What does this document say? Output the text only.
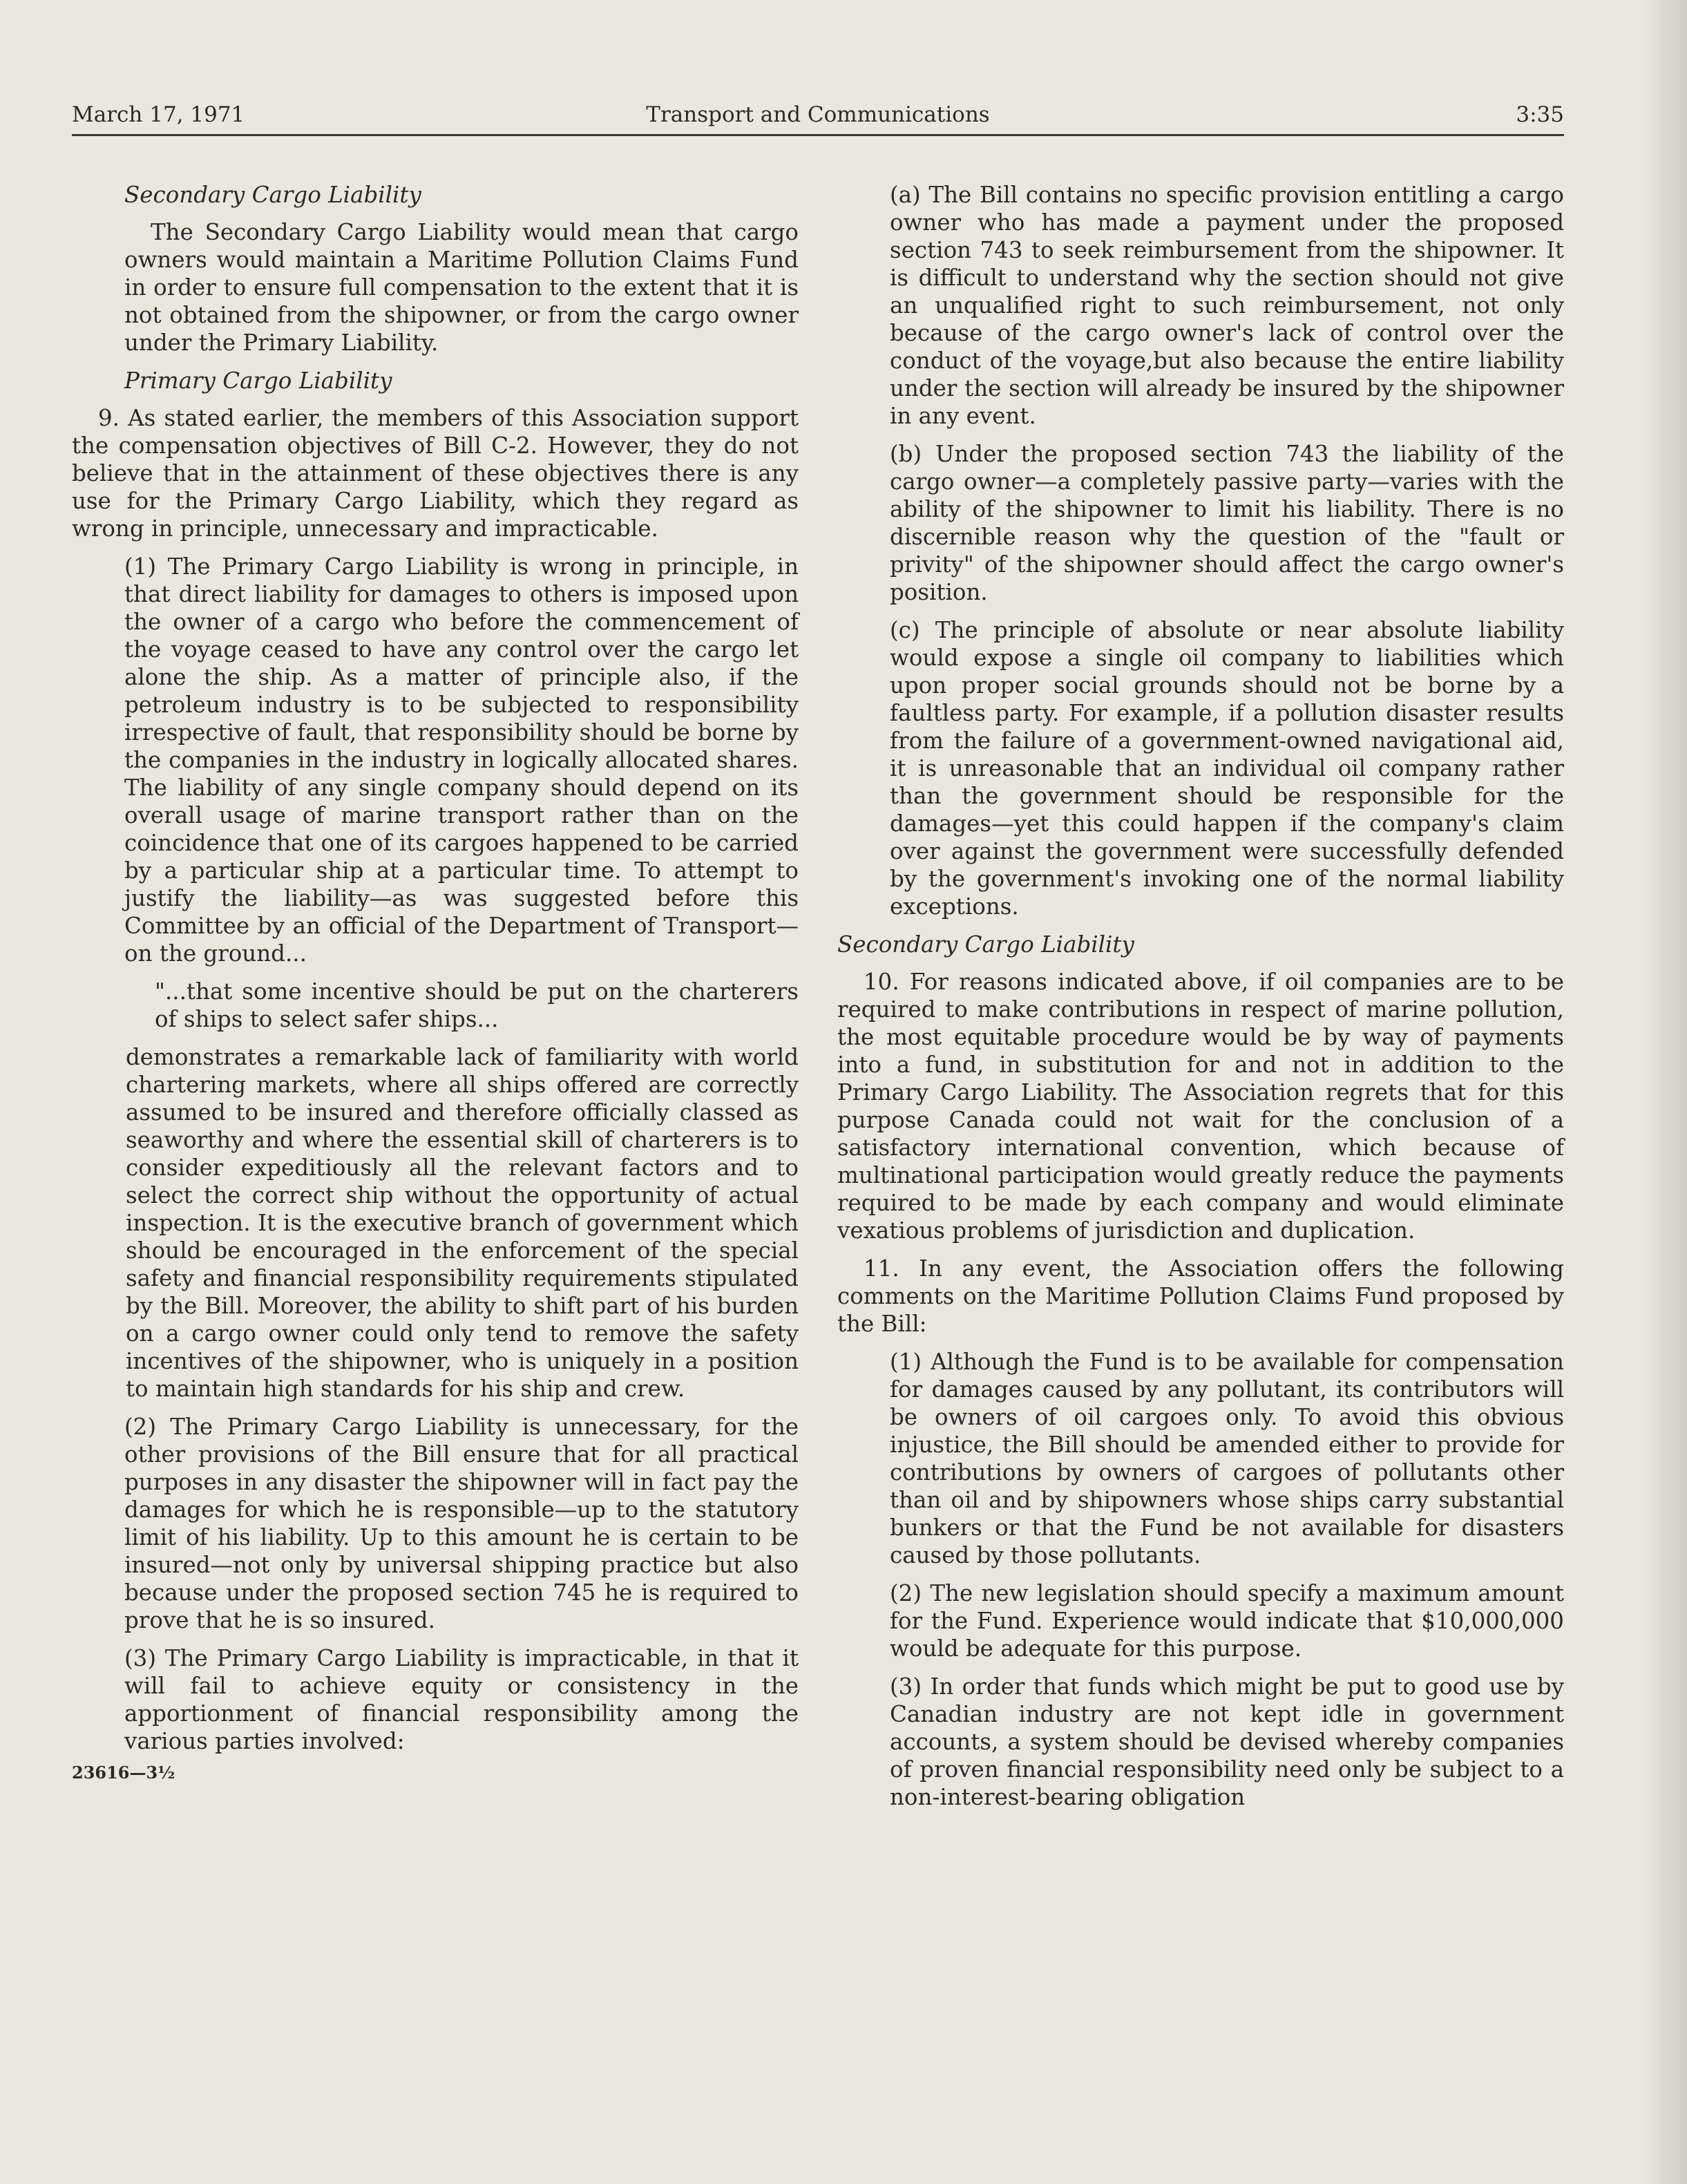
March 17, 1971	Transport and Communications	3:35
Secondary Cargo Liability

The Secondary Cargo Liability would mean that cargo owners would maintain a Maritime Pollution Claims Fund in order to ensure full compensation to the extent that it is not obtained from the shipowner, or from the cargo owner under the Primary Liability.

Primary Cargo Liability

9. As stated earlier, the members of this Association support the compensation objectives of Bill C-2. However, they do not believe that in the attainment of these objectives there is any use for the Primary Cargo Liability, which they regard as wrong in principle, unnecessary and impracticable.

(1) The Primary Cargo Liability is wrong in principle, in that direct liability for damages to others is imposed upon the owner of a cargo who before the commencement of the voyage ceased to have any control over the cargo let alone the ship. As a matter of principle also, if the petroleum industry is to be subjected to responsibility irrespective of fault, that responsibility should be borne by the companies in the industry in logically allocated shares. The liability of any single company should depend on its overall usage of marine transport rather than on the coincidence that one of its cargoes happened to be carried by a particular ship at a particular time. To attempt to justify the liability—as was suggested before this Committee by an official of the Department of Transport—on the ground...

"...that some incentive should be put on the charterers of ships to select safer ships...

demonstrates a remarkable lack of familiarity with world chartering markets, where all ships offered are correctly assumed to be insured and therefore officially classed as seaworthy and where the essential skill of charterers is to consider expeditiously all the relevant factors and to select the correct ship without the opportunity of actual inspection. It is the executive branch of government which should be encouraged in the enforcement of the special safety and financial responsibility requirements stipulated by the Bill. Moreover, the ability to shift part of his burden on a cargo owner could only tend to remove the safety incentives of the shipowner, who is uniquely in a position to maintain high standards for his ship and crew.

(2) The Primary Cargo Liability is unnecessary, for the other provisions of the Bill ensure that for all practical purposes in any disaster the shipowner will in fact pay the damages for which he is responsible—up to the statutory limit of his liability. Up to this amount he is certain to be insured—not only by universal shipping practice but also because under the proposed section 745 he is required to prove that he is so insured.

(3) The Primary Cargo Liability is impracticable, in that it will fail to achieve equity or consistency in the apportionment of financial responsibility among the various parties involved:

23616—3½

(a) The Bill contains no specific provision entitling a cargo owner who has made a payment under the proposed section 743 to seek reimbursement from the shipowner. It is difficult to understand why the section should not give an unqualified right to such reimbursement, not only because of the cargo owner's lack of control over the conduct of the voyage,but also because the entire liability under the section will already be insured by the shipowner in any event.

(b) Under the proposed section 743 the liability of the cargo owner—a completely passive party—varies with the ability of the shipowner to limit his liability. There is no discernible reason why the question of the "fault or privity" of the shipowner should affect the cargo owner's position.

(c) The principle of absolute or near absolute liability would expose a single oil company to liabilities which upon proper social grounds should not be borne by a faultless party. For example, if a pollution disaster results from the failure of a government-owned navigational aid, it is unreasonable that an individual oil company rather than the government should be responsible for the damages—yet this could happen if the company's claim over against the government were successfully defended by the government's invoking one of the normal liability exceptions.

Secondary Cargo Liability

10. For reasons indicated above, if oil companies are to be required to make contributions in respect of marine pollution, the most equitable procedure would be by way of payments into a fund, in substitution for and not in addition to the Primary Cargo Liability. The Association regrets that for this purpose Canada could not wait for the conclusion of a satisfactory international convention, which because of multinational participation would greatly reduce the payments required to be made by each company and would eliminate vexatious problems of jurisdiction and duplication.

11. In any event, the Association offers the following comments on the Maritime Pollution Claims Fund proposed by the Bill:

(1) Although the Fund is to be available for compensation for damages caused by any pollutant, its contributors will be owners of oil cargoes only. To avoid this obvious injustice, the Bill should be amended either to provide for contributions by owners of cargoes of pollutants other than oil and by shipowners whose ships carry substantial bunkers or that the Fund be not available for disasters caused by those pollutants.

(2) The new legislation should specify a maximum amount for the Fund. Experience would indicate that $10,000,000 would be adequate for this purpose.

(3) In order that funds which might be put to good use by Canadian industry are not kept idle in government accounts, a system should be devised whereby companies of proven financial responsibility need only be subject to a non-interest-bearing obligation
